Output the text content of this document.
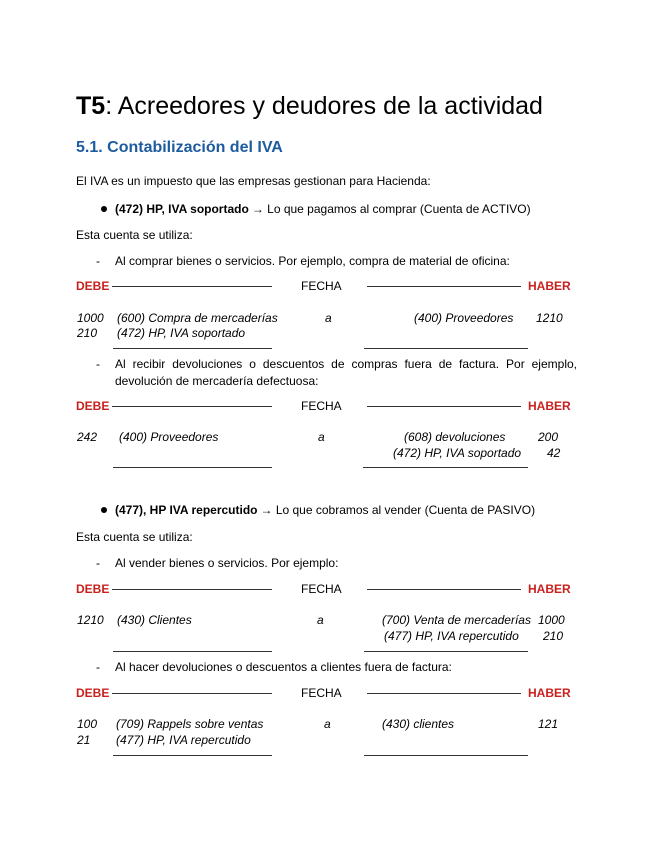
T5: Acreedores y deudores de la actividad
5.1. Contabilización del IVA
El IVA es un impuesto que las empresas gestionan para Hacienda:
(472) HP, IVA soportado → Lo que pagamos al comprar (Cuenta de ACTIVO)
Esta cuenta se utiliza:
- Al comprar bienes o servicios. Por ejemplo, compra de material de oficina:
DEBE	FECHA	HABER
1000 (600) Compra de mercaderías	a	(400) Proveedores 1210
210 (472) HP, IVA soportado
- Al recibir devoluciones o descuentos de compras fuera de factura. Por ejemplo, devolución de mercadería defectuosa:
DEBE	FECHA	HABER
242 (400) Proveedores	a	(608) devoluciones	200
(472) HP, IVA soportado 42
(477), HP IVA repercutido → Lo que cobramos al vender (Cuenta de PASIVO)
Esta cuenta se utiliza:
- Al vender bienes o servicios. Por ejemplo:
DEBE	FECHA	HABER
1210 (430) Clientes	a	(700) Venta de mercaderías 1000
(477) HP, IVA repercutido 210
- Al hacer devoluciones o descuentos a clientes fuera de factura:
DEBE	FECHA	HABER
100 (709) Rappels sobre ventas	a	(430) clientes	121
21 (477) HP, IVA repercutido
